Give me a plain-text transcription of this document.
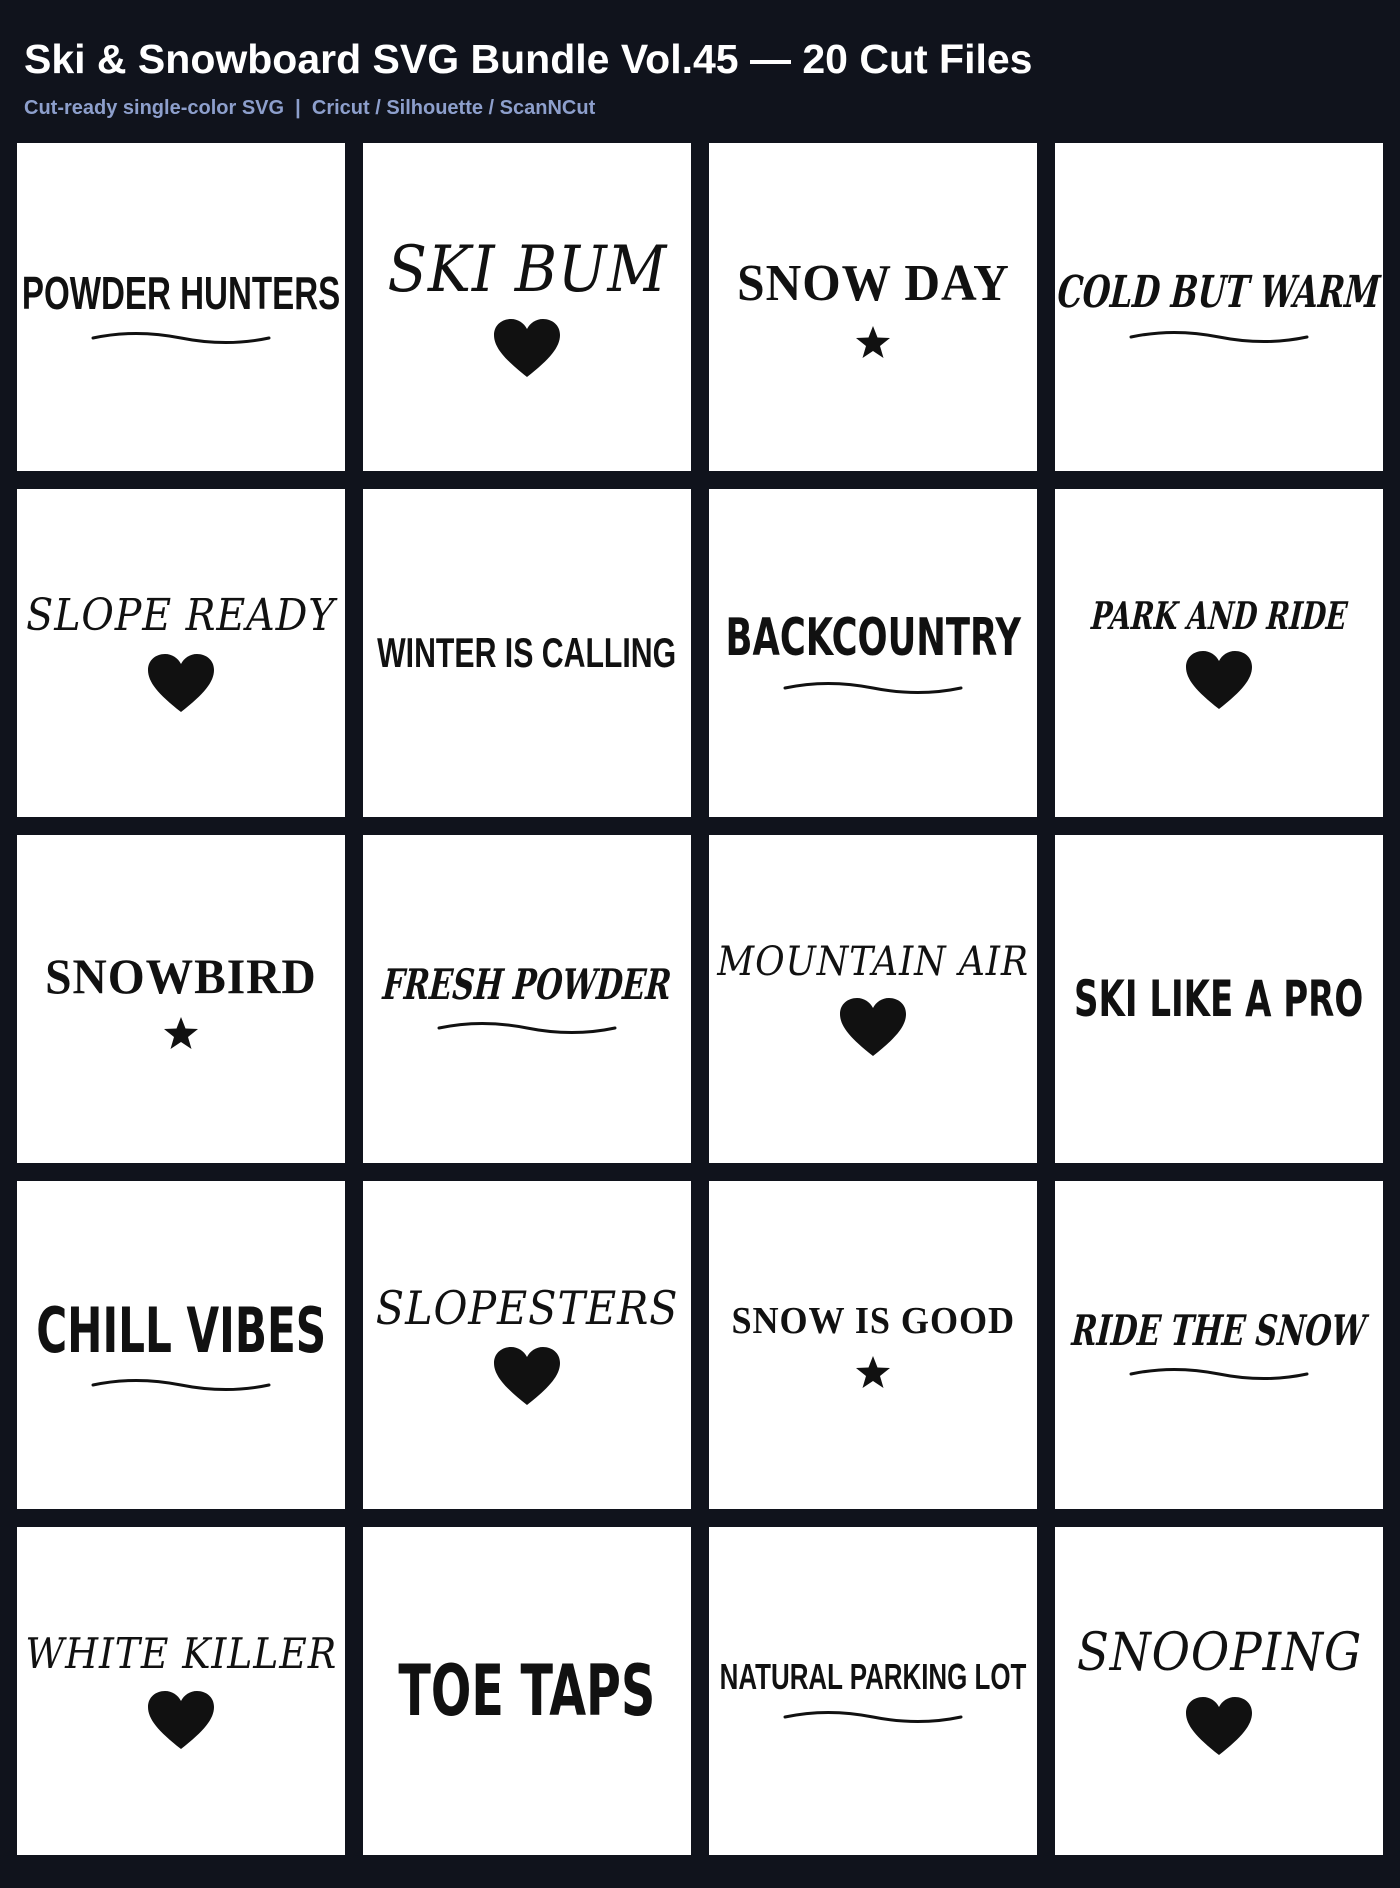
Ski & Snowboard SVG Bundle Vol.45 — 20 Cut Files

Cut-ready single-color SVG  |  Cricut / Silhouette / ScanNCut

POWDER HUNTERS SKI BUM SNOW DAY COLD BUT WARM
SLOPE READY
WINTER IS CALLING BACKCOUNTRY PARK AND RIDE
SNOWBIRD FRESH POWDER MOUNTAIN AIR
SKI LIKE A PRO
CHILL VIBES SLOPESTERS SNOW IS GOOD RIDE THE SNOW
WHITE KILLER TOE TAPS NATURAL PARKING LOT SNOOPING
